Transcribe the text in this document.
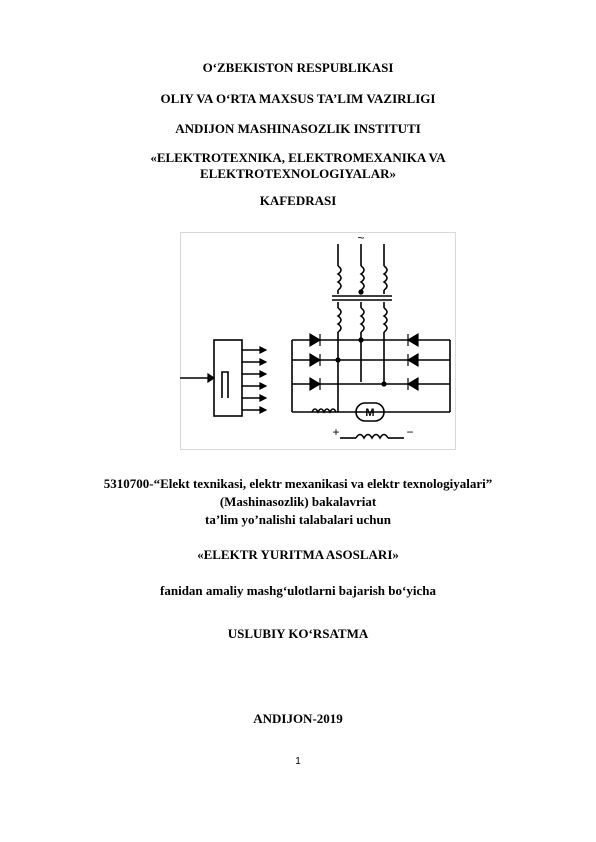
O‘ZBEKISTON RESPUBLIKASI
OLIY VA O‘RTA MAXSUS TA’LIM VAZIRLIGI
ANDIJON MASHINASOZLIK INSTITUTI
«ELEKTROTEXNIKA, ELEKTROMEXANIKA VA
ELEKTROTEXNOLOGIYALAR»
KAFEDRASI
M
~
+	−
5310700-“Elekt texnikasi, elektr mexanikasi va elektr texnologiyalari”
(Mashinasozlik) bakalavriat
ta’lim yo’nalishi talabalari uchun
«ELEKTR YURITMA ASOSLARI»
fanidan amaliy mashg‘ulotlarni bajarish bo‘yicha
USLUBIY KO‘RSATMA
ANDIJON-2019
1
